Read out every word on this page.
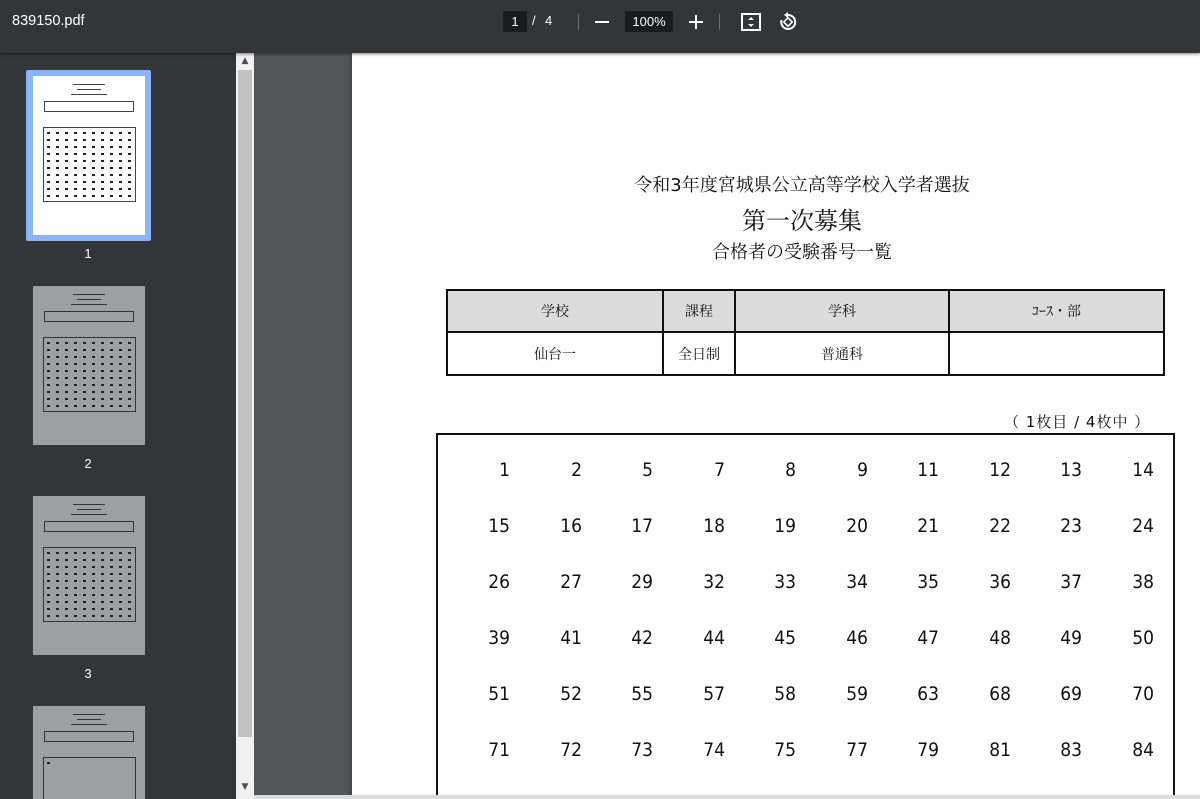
839150.pdf	1	/ 4	100%
1
2
3
▲
▼
令和3年度宮城県公立高等学校入学者選抜
第一次募集
合格者の受験番号一覧
学校	課程	学科	ｺｰｽ・部
仙台一	全日制	普通科	
（ 1枚目 / 4枚中 ）
1	2	5	7	8	9	11	12	13	14
15	16	17	18	19	20	21	22	23	24
26	27	29	32	33	34	35	36	37	38
39	41	42	44	45	46	47	48	49	50
51	52	55	57	58	59	63	68	69	70
71	72	73	74	75	77	79	81	83	84
